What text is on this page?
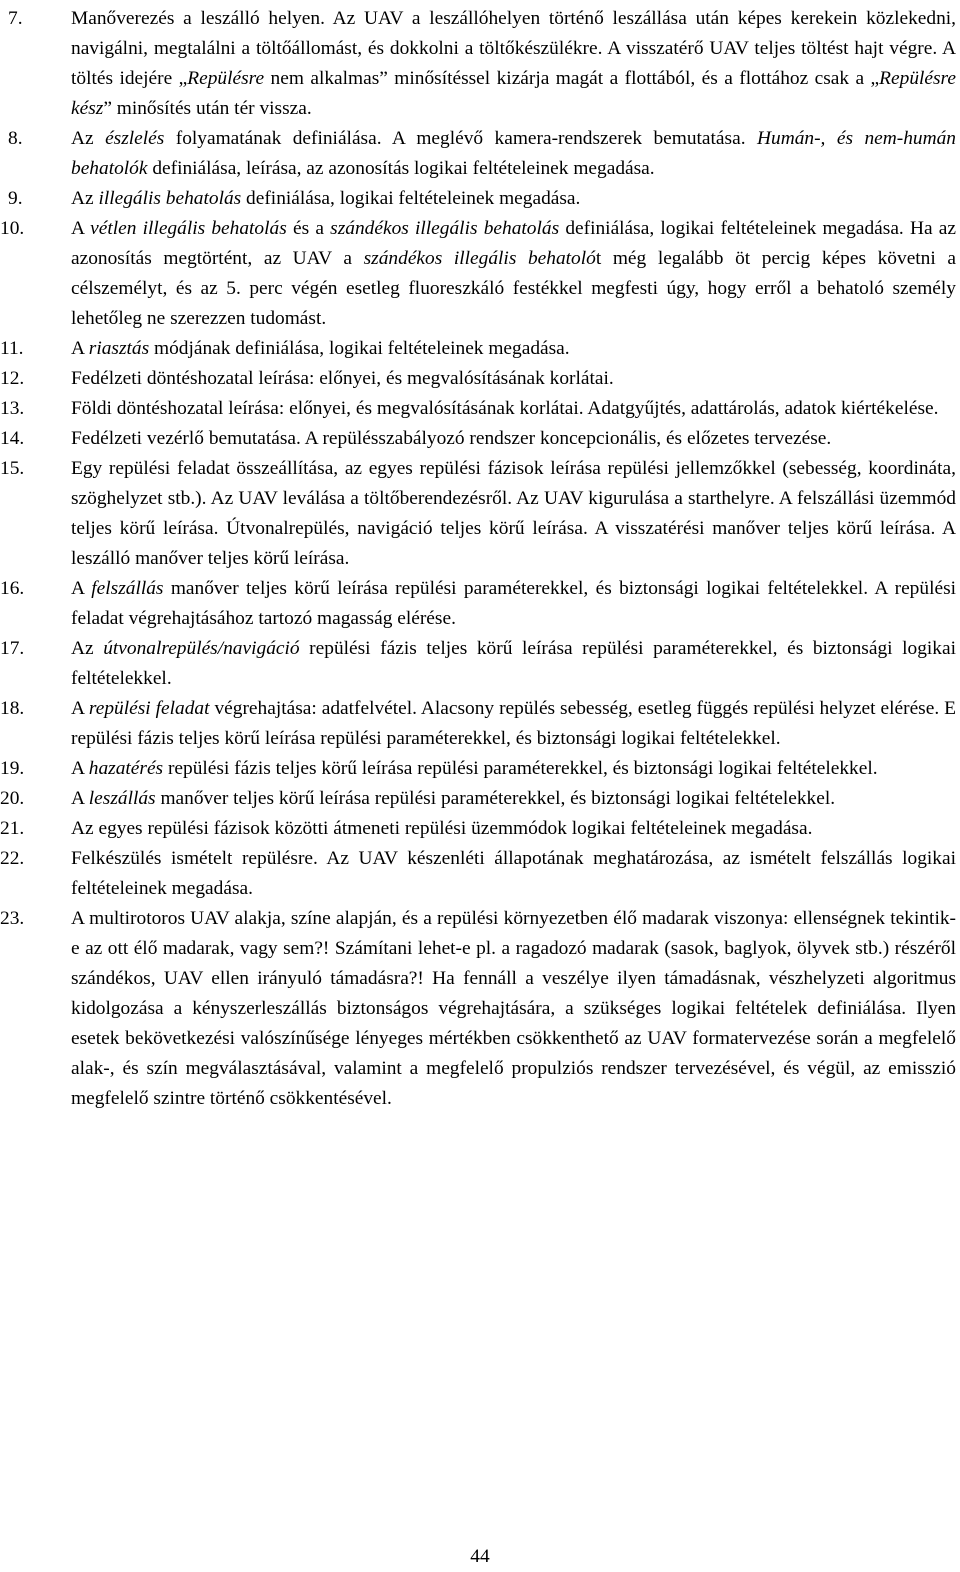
7. Manőverezés a leszálló helyen. Az UAV a leszállóhelyen történő leszállása után képes kerekein közlekedni, navigálni, megtalálni a töltőállomást, és dokkolni a töltőkészülékre. A visszatérő UAV teljes töltést hajt végre. A töltés idejére „Repülésre nem alkalmas” minősítéssel kizárja magát a flottából, és a flottához csak a „Repülésre kész” minősítés után tér vissza.
8. Az észlelés folyamatának definiálása. A meglévő kamera-rendszerek bemutatása. Humán-, és nem-humán behatolók definiálása, leírása, az azonosítás logikai feltételeinek megadása.
9. Az illegális behatolás definiálása, logikai feltételeinek megadása.
10. A vétlen illegális behatolás és a szándékos illegális behatolás definiálása, logikai feltételeinek megadása. Ha az azonosítás megtörtént, az UAV a szándékos illegális behatolót még legalább öt percig képes követni a célszemélyt, és az 5. perc végén esetleg fluoreszkáló festékkel megfesti úgy, hogy erről a behatoló személy lehetőleg ne szerezzen tudomást.
11. A riasztás módjának definiálása, logikai feltételeinek megadása.
12. Fedélzeti döntéshozatal leírása: előnyei, és megvalósításának korlátai.
13. Földi döntéshozatal leírása: előnyei, és megvalósításának korlátai. Adatgyűjtés, adattárolás, adatok kiértékelése.
14. Fedélzeti vezérlő bemutatása. A repülésszabályozó rendszer koncepcionális, és előzetes tervezése.
15. Egy repülési feladat összeállítása, az egyes repülési fázisok leírása repülési jellemzőkkel (sebesség, koordináta, szöghelyzet stb.). Az UAV leválása a töltőberendezésről. Az UAV kigurulása a starthelyre. A felszállási üzemmód teljes körű leírása. Útvonalrepülés, navigáció teljes körű leírása. A visszatérési manőver teljes körű leírása. A leszálló manőver teljes körű leírása.
16. A felszállás manőver teljes körű leírása repülési paraméterekkel, és biztonsági logikai feltételekkel. A repülési feladat végrehajtásához tartozó magasság elérése.
17. Az útvonalrepülés/navigáció repülési fázis teljes körű leírása repülési paraméterekkel, és biztonsági logikai feltételekkel.
18. A repülési feladat végrehajtása: adatfelvétel. Alacsony repülés sebesség, esetleg függés repülési helyzet elérése. E repülési fázis teljes körű leírása repülési paraméterekkel, és biztonsági logikai feltételekkel.
19. A hazatérés repülési fázis teljes körű leírása repülési paraméterekkel, és biztonsági logikai feltételekkel.
20. A leszállás manőver teljes körű leírása repülési paraméterekkel, és biztonsági logikai feltételekkel.
21. Az egyes repülési fázisok közötti átmeneti repülési üzemmódok logikai feltételeinek megadása.
22. Felkészülés ismételt repülésre. Az UAV készenléti állapotának meghatározása, az ismételt felszállás logikai feltételeinek megadása.
23. A multirotoros UAV alakja, színe alapján, és a repülési környezetben élő madarak viszonya: ellenségnek tekintik-e az ott élő madarak, vagy sem?! Számítani lehet-e pl. a ragadozó madarak (sasok, baglyok, ölyvek stb.) részéről szándékos, UAV ellen irányuló támadásra?! Ha fennáll a veszélye ilyen támadásnak, vészhelyzeti algoritmus kidolgozása a kényszerleszállás biztonságos végrehajtására, a szükséges logikai feltételek definiálása. Ilyen esetek bekövetkezési valószínűsége lényeges mértékben csökkenthető az UAV formatervezése során a megfelelő alak-, és szín megválasztásával, valamint a megfelelő propulziós rendszer tervezésével, és végül, az emisszió megfelelő szintre történő csökkentésével.
44
